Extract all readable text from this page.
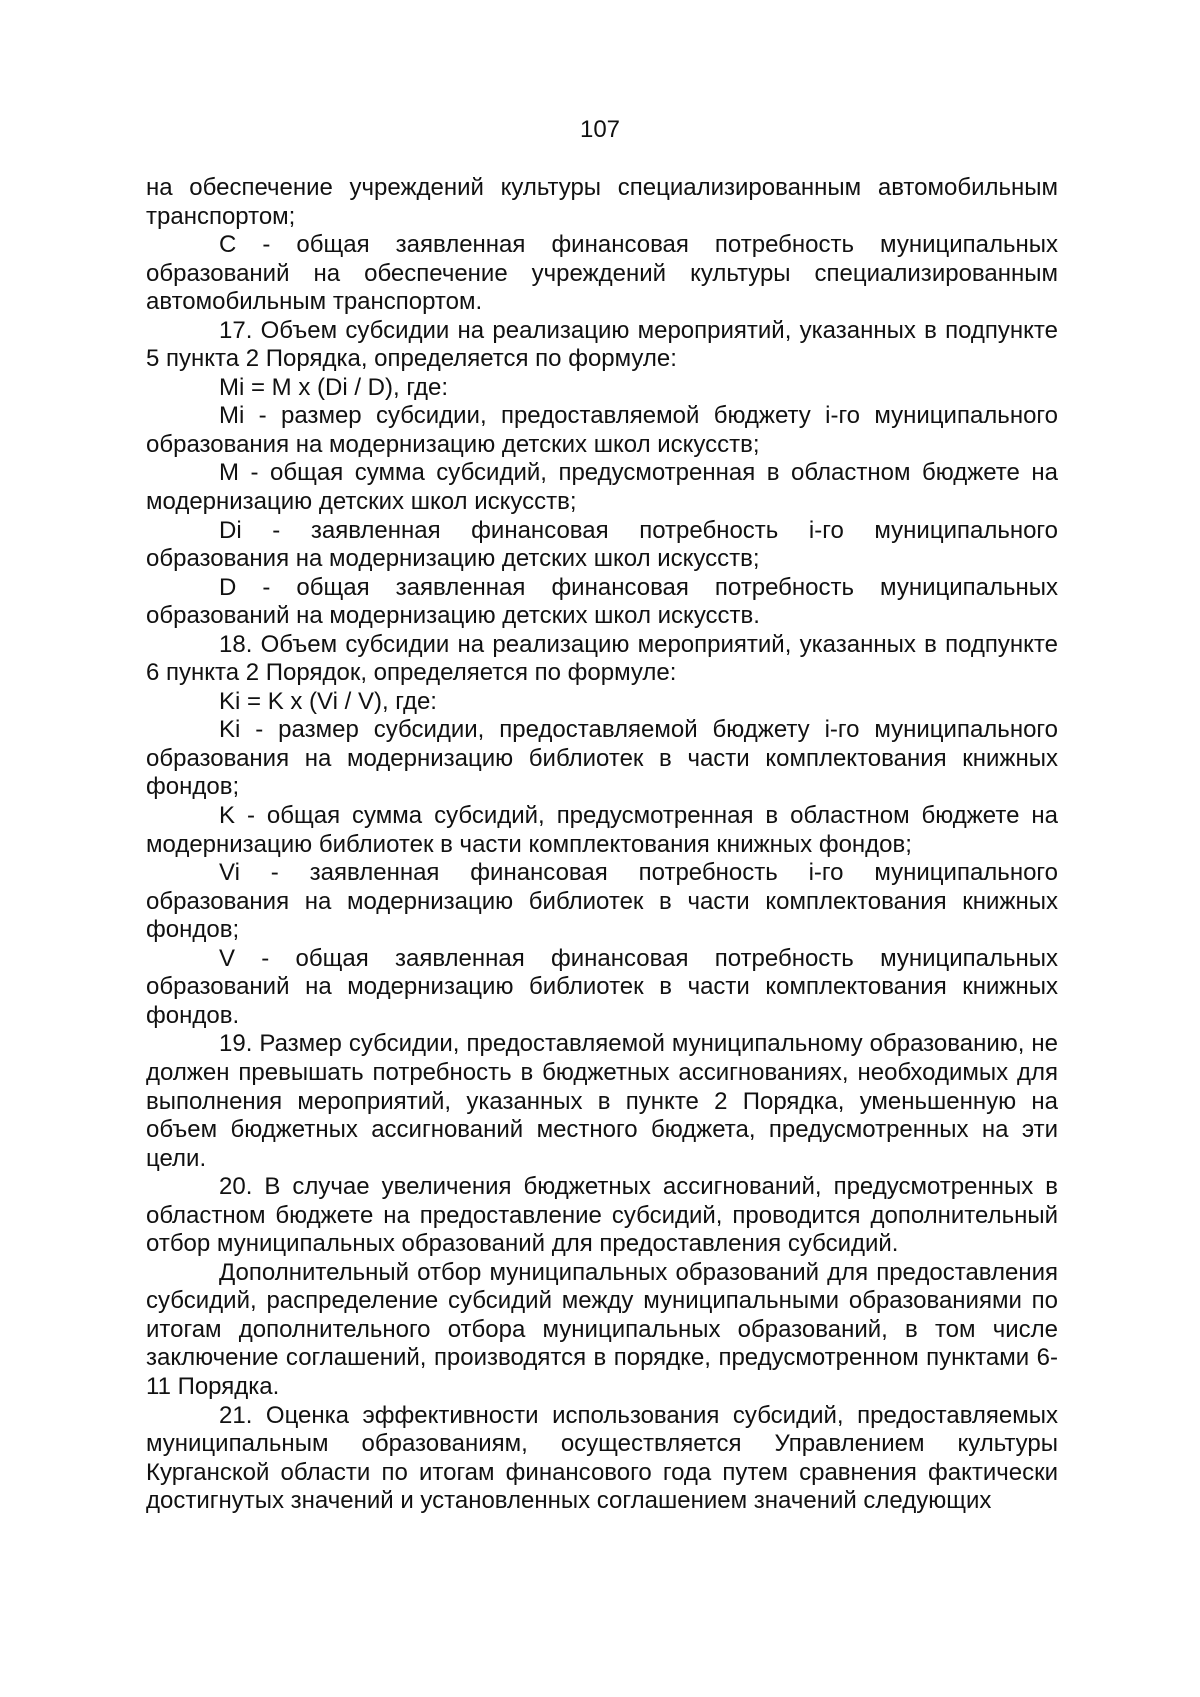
107

на обеспечение учреждений культуры специализированным автомобильным транспортом;

С - общая заявленная финансовая потребность муниципальных образований на обеспечение учреждений культуры специализированным автомобильным транспортом.

17. Объем субсидии на реализацию мероприятий, указанных в подпункте 5 пункта 2 Порядка, определяется по формуле:

Mi = M x (Di / D), где:

Mi - размер субсидии, предоставляемой бюджету i-го муниципального образования на модернизацию детских школ искусств;

M - общая сумма субсидий, предусмотренная в областном бюджете на модернизацию детских школ искусств;

Di - заявленная финансовая потребность i-го муниципального образования на модернизацию детских школ искусств;

D - общая заявленная финансовая потребность муниципальных образований на модернизацию детских школ искусств.

18. Объем субсидии на реализацию мероприятий, указанных в подпункте 6 пункта 2 Порядок, определяется по формуле:

Ki = K x (Vi / V), где:

Ki - размер субсидии, предоставляемой бюджету i-го муниципального образования на модернизацию библиотек в части комплектования книжных фондов;

K - общая сумма субсидий, предусмотренная в областном бюджете на модернизацию библиотек в части комплектования книжных фондов;

Vi - заявленная финансовая потребность i-го муниципального образования на модернизацию библиотек в части комплектования книжных фондов;

V - общая заявленная финансовая потребность муниципальных образований на модернизацию библиотек в части комплектования книжных фондов.

19. Размер субсидии, предоставляемой муниципальному образованию, не должен превышать потребность в бюджетных ассигнованиях, необходимых для выполнения мероприятий, указанных в пункте 2 Порядка, уменьшенную на объем бюджетных ассигнований местного бюджета, предусмотренных на эти цели.

20. В случае увеличения бюджетных ассигнований, предусмотренных в областном бюджете на предоставление субсидий, проводится дополнительный отбор муниципальных образований для предоставления субсидий.

Дополнительный отбор муниципальных образований для предоставления субсидий, распределение субсидий между муниципальными образованиями по итогам дополнительного отбора муниципальных образований, в том числе заключение соглашений, производятся в порядке, предусмотренном пунктами 6-11 Порядка.

21. Оценка эффективности использования субсидий, предоставляемых муниципальным образованиям, осуществляется Управлением культуры Курганской области по итогам финансового года путем сравнения фактически достигнутых значений и установленных соглашением значений следующих
